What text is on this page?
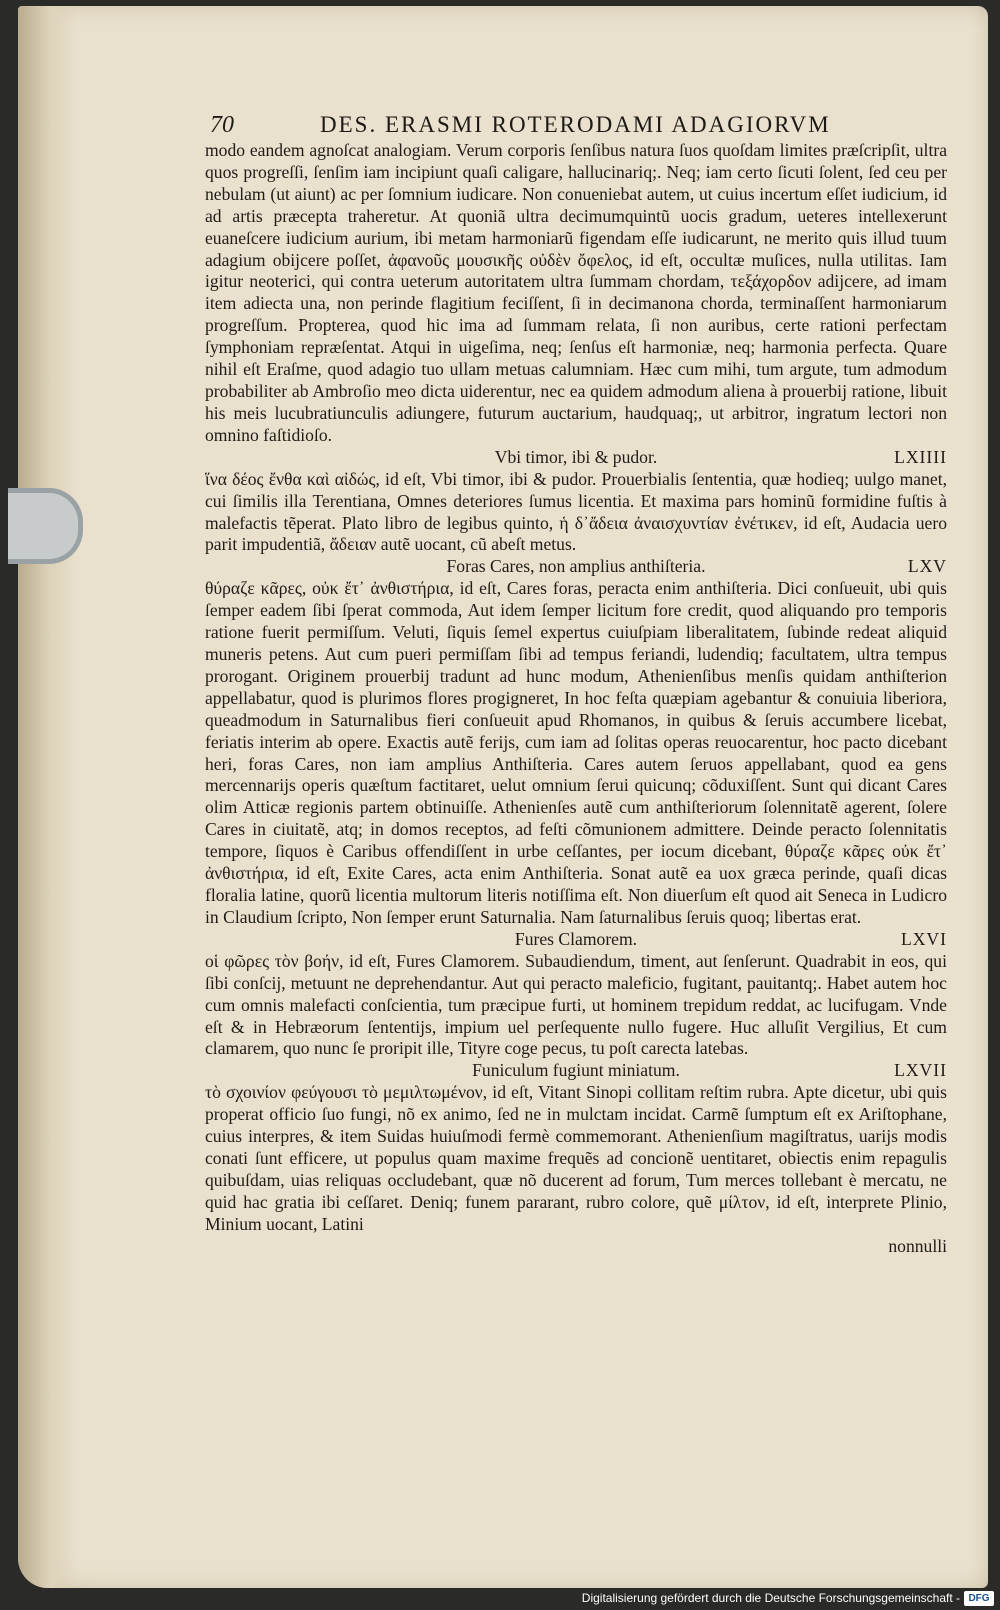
70	DES. ERASMI ROTERODAMI ADAGIORVM

modo eandem agnoſcat analogiam. Verum corporis ſenſibus natura ſuos quoſdam limites præſcripſit, ultra quos progreſſi, ſenſim iam incipiunt quaſi caligare, hallucinariq;. Neq; iam certo ſicuti ſolent, ſed ceu per nebulam (ut aiunt) ac per ſomnium iudicare. Non conueniebat autem, ut cuius incertum eſſet iudicium, id ad artis præcepta traheretur. At quoniã ultra decimumquintũ uocis gradum, ueteres intellexerunt euaneſcere iudicium aurium, ibi metam harmoniarũ figendam eſſe iudicarunt, ne merito quis illud tuum adagium obijcere poſſet, ἀφανοῦς μουσικῆς οὐδὲν ὄφελος, id eſt, occultæ muſices, nulla utilitas. Iam igitur neoterici, qui contra ueterum autoritatem ultra ſummam chordam, τεξάχορδον adijcere, ad imam item adiecta una, non perinde flagitium feciſſent, ſi in decimanona chorda, terminaſſent harmoniarum progreſſum. Propterea, quod hic ima ad ſummam relata, ſi non auribus, certe rationi perfectam ſymphoniam repræſentat. Atqui in uigeſima, neq; ſenſus eſt harmoniæ, neq; harmonia perfecta. Quare nihil eſt Eraſme, quod adagio tuo ullam metuas calumniam. Hæc cum mihi, tum argute, tum admodum probabiliter ab Ambroſio meo dicta uiderentur, nec ea quidem admodum aliena à prouerbij ratione, libuit his meis lucubratiunculis adiungere, futurum auctarium, haudquaq;, ut arbitror, ingratum lectori non omnino faſtidioſo.

Vbi timor, ibi & pudor.	LXIIII

ἵνα δέος ἔνθα καὶ αἰδώς, id eſt, Vbi timor, ibi & pudor. Prouerbialis ſententia, quæ hodieq; uulgo manet, cui ſimilis illa Terentiana, Omnes deteriores ſumus licentia. Et maxima pars hominũ formidine fuſtis à malefactis tẽperat. Plato libro de legibus quinto, ἡ δ᾽ἄδεια ἀναισχυντίαν ἐνέτικεν, id eſt, Audacia uero parit impudentiã, ἄδειαν autẽ uocant, cũ abeſt metus.

Foras Cares, non amplius anthiſteria.	LXV

θύραζε κᾶρες, οὐκ ἔτ᾽ ἀνθιστήρια, id eſt, Cares foras, peracta enim anthiſteria. Dici conſueuit, ubi quis ſemper eadem ſibi ſperat commoda, Aut idem ſemper licitum fore credit, quod aliquando pro temporis ratione fuerit permiſſum. Veluti, ſiquis ſemel expertus cuiuſpiam liberalitatem, ſubinde redeat aliquid muneris petens. Aut cum pueri permiſſam ſibi ad tempus feriandi, ludendiq; facultatem, ultra tempus prorogant. Originem prouerbij tradunt ad hunc modum, Athenienſibus menſis quidam anthiſterion appellabatur, quod is plurimos flores progigneret, In hoc feſta quæpiam agebantur & conuiuia liberiora, queadmodum in Saturnalibus fieri conſueuit apud Rhomanos, in quibus & ſeruis accumbere licebat, feriatis interim ab opere. Exactis autẽ ferijs, cum iam ad ſolitas operas reuocarentur, hoc pacto dicebant heri, foras Cares, non iam amplius Anthiſteria. Cares autem ſeruos appellabant, quod ea gens mercennarijs operis quæſtum factitaret, uelut omnium ſerui quicunq; cõduxiſſent. Sunt qui dicant Cares olim Atticæ regionis partem obtinuiſſe. Athenienſes autẽ cum anthiſteriorum ſolennitatẽ agerent, ſolere Cares in ciuitatẽ, atq; in domos receptos, ad feſti cõmunionem admittere. Deinde peracto ſolennitatis tempore, ſiquos è Caribus offendiſſent in urbe ceſſantes, per iocum dicebant, θύραζε κᾶρες οὐκ ἔτ᾽ ἀνθιστήρια, id eſt, Exite Cares, acta enim Anthiſteria. Sonat autẽ ea uox græca perinde, quaſi dicas floralia latine, quorũ licentia multorum literis notiſſima eſt. Non diuerſum eſt quod ait Seneca in Ludicro in Claudium ſcripto, Non ſemper erunt Saturnalia. Nam ſaturnalibus ſeruis quoq; libertas erat.

Fures Clamorem.	LXVI

οἱ φῶρες τὸν βοήν, id eſt, Fures Clamorem. Subaudiendum, timent, aut ſenſerunt. Quadrabit in eos, qui ſibi conſcij, metuunt ne deprehendantur. Aut qui peracto maleficio, fugitant, pauitantq;. Habet autem hoc cum omnis malefacti conſcientia, tum præcipue furti, ut hominem trepidum reddat, ac lucifugam. Vnde eſt & in Hebræorum ſententijs, impium uel perſequente nullo fugere. Huc alluſit Vergilius, Et cum clamarem, quo nunc ſe proripit ille, Tityre coge pecus, tu poſt carecta latebas.

Funiculum fugiunt miniatum.	LXVII

τὸ σχοινίον φεύγουσι τὸ μεμιλτωμένον, id eſt, Vitant Sinopi collitam reſtim rubra. Apte dicetur, ubi quis properat officio ſuo fungi, nõ ex animo, ſed ne in mulctam incidat. Carmẽ ſumptum eſt ex Ariſtophane, cuius interpres, & item Suidas huiuſmodi fermè commemorant. Athenienſium magiſtratus, uarijs modis conati ſunt efficere, ut populus quam maxime frequẽs ad concionẽ uentitaret, obiectis enim repagulis quibuſdam, uias reliquas occludebant, quæ nõ ducerent ad forum, Tum merces tollebant è mercatu, ne quid hac gratia ibi ceſſaret. Deniq; funem pararant, rubro colore, quẽ μίλτον, id eſt, interprete Plinio, Minium uocant, Latini

nonnulli

Digitalisierung gefördert durch die Deutsche Forschungsgemeinschaft - DFG
